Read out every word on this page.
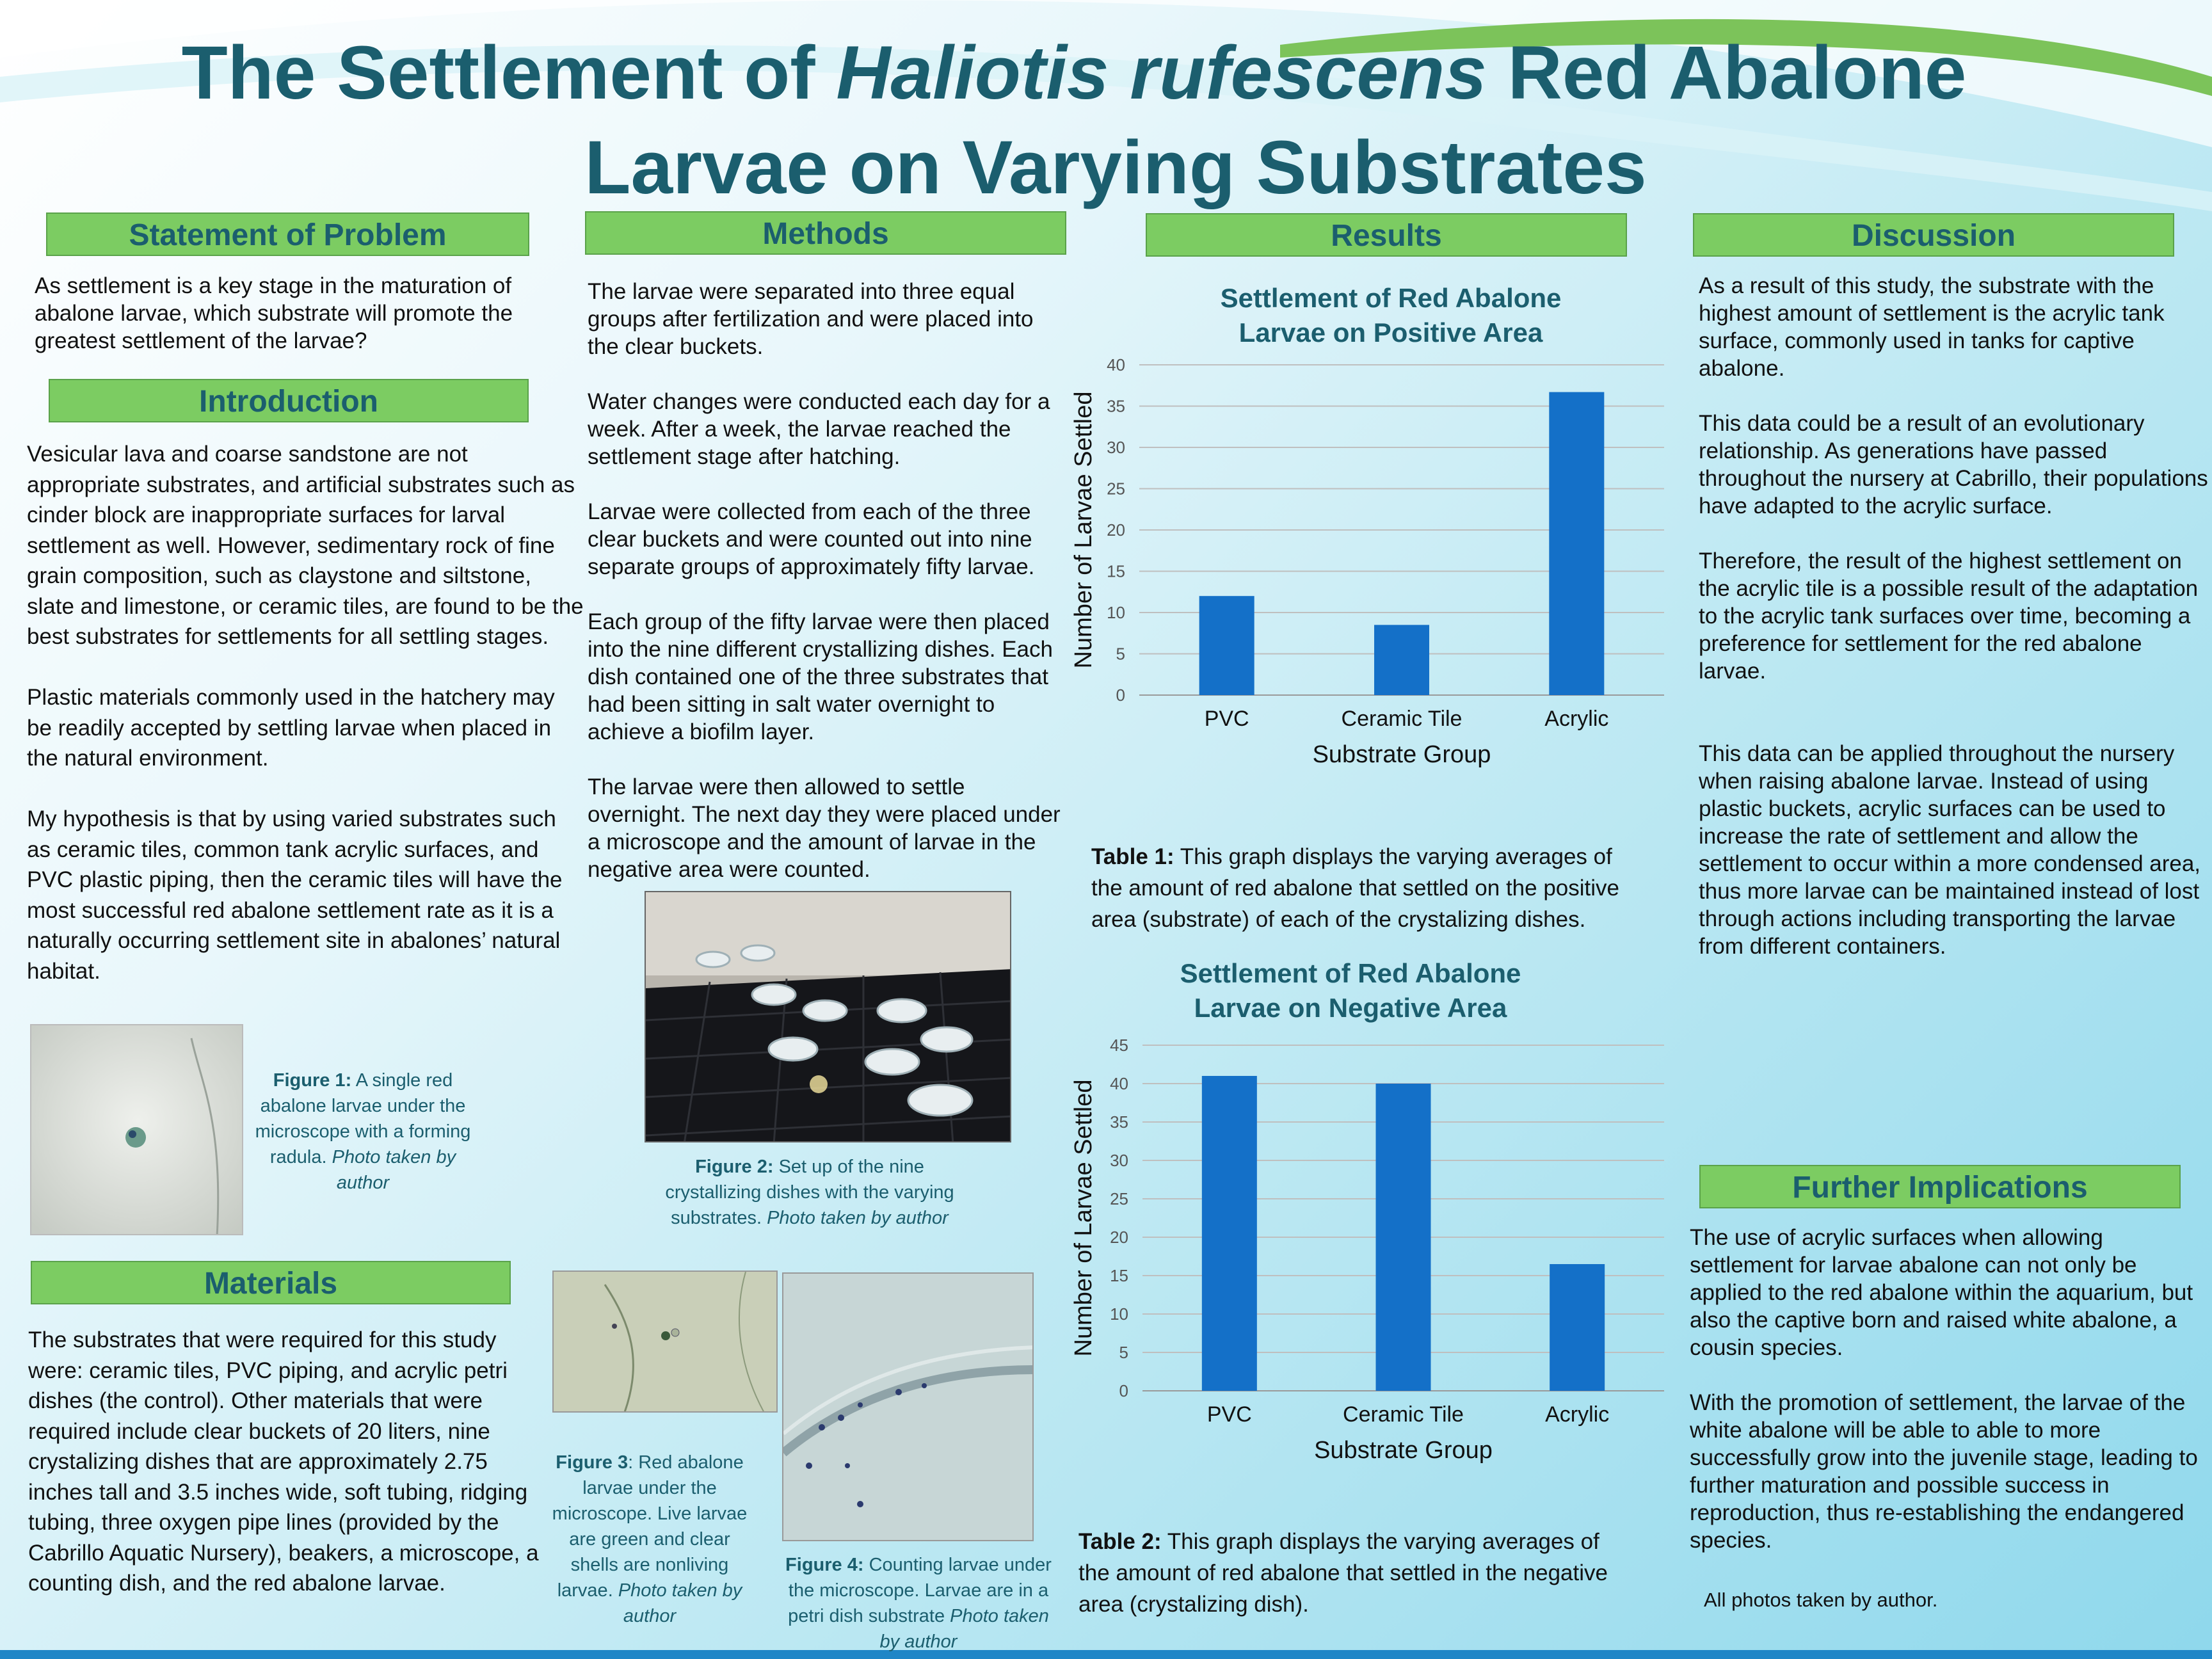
The Settlement of Haliotis rufescens Red Abalone
Larvae on Varying Substrates
Statement of Problem
As settlement is a key stage in the maturation of abalone larvae, which substrate will promote the greatest settlement of the larvae?
Introduction
Vesicular lava and coarse sandstone are not appropriate substrates, and artificial substrates such as cinder block are inappropriate surfaces for larval settlement as well. However, sedimentary rock of fine grain composition, such as claystone and siltstone, slate and limestone, or ceramic tiles, are found to be the best substrates for settlements for all settling stages.

Plastic materials commonly used in the hatchery may be readily accepted by settling larvae when placed in the natural environment.

My hypothesis is that by using varied substrates such as ceramic tiles, common tank acrylic surfaces, and PVC plastic piping, then the ceramic tiles will have the most successful red abalone settlement rate as it is a naturally occurring settlement site in abalones’ natural habitat.
Figure 1: A single red abalone larvae under the microscope with a forming radula. Photo taken by author
Materials
The substrates that were required for this study were: ceramic tiles, PVC piping, and acrylic petri dishes (the control). Other materials that were required include clear buckets of 20 liters, nine crystalizing dishes that are approximately 2.75 inches tall and 3.5 inches wide, soft tubing, ridging tubing, three oxygen pipe lines (provided by the Cabrillo Aquatic Nursery), beakers, a microscope, a counting dish, and the red abalone larvae.
Methods
The larvae were separated into three equal groups after fertilization and were placed into the clear buckets.

Water changes were conducted each day for a week. After a week, the larvae reached the settlement stage after hatching.

Larvae were collected from each of the three clear buckets and were counted out into nine separate groups of approximately fifty larvae.

Each group of the fifty larvae were then placed into the nine different crystallizing dishes. Each dish contained one of the three substrates that had been sitting in salt water overnight to achieve a biofilm layer.

The larvae were then allowed to settle overnight. The next day they were placed under a microscope and the amount of larvae in the negative area were counted.
Figure 2: Set up of the nine crystallizing dishes with the varying substrates. Photo taken by author
Figure 3: Red abalone larvae under the microscope. Live larvae are green and clear shells are nonliving larvae. Photo taken by author
Figure 4: Counting larvae under the microscope. Larvae are in a petri dish substrate Photo taken by author
Results
Settlement of Red Abalone
Larvae on Positive Area
0
5
10
15
20
25
30
35
40
PVC	Ceramic Tile	Acrylic
Substrate Group
Number of Larvae Settled

Table 1: This graph displays the varying averages of the amount of red abalone that settled on the positive area (substrate) of each of the crystalizing dishes.

Settlement of Red Abalone
Larvae on Negative Area
0
5
10
15
20
25
30
35
40
45
PVC	Ceramic Tile	Acrylic
Substrate Group
Number of Larvae Settled

Table 2: This graph displays the varying averages of the amount of red abalone that settled in the negative area (crystalizing dish).

Discussion
As a result of this study, the substrate with the highest amount of settlement is the acrylic tank surface, commonly used in tanks for captive abalone.

This data could be a result of an evolutionary relationship. As generations have passed throughout the nursery at Cabrillo, their populations have adapted to the acrylic surface.

Therefore, the result of the highest settlement on the acrylic tile is a possible result of the adaptation to the acrylic tank surfaces over time, becoming a preference for settlement for the red abalone larvae.

This data can be applied throughout the nursery when raising abalone larvae. Instead of using plastic buckets, acrylic surfaces can be used to increase the rate of settlement and allow the settlement to occur within a more condensed area, thus more larvae can be maintained instead of lost through actions including transporting the larvae from different containers.
Further Implications
The use of acrylic surfaces when allowing settlement for larvae abalone can not only be applied to the red abalone within the aquarium, but also the captive born and raised white abalone, a cousin species.

With the promotion of settlement, the larvae of the white abalone will be able to able to more successfully grow into the juvenile stage, leading to further maturation and possible success in reproduction, thus re-establishing the endangered species.
All photos taken by author.
